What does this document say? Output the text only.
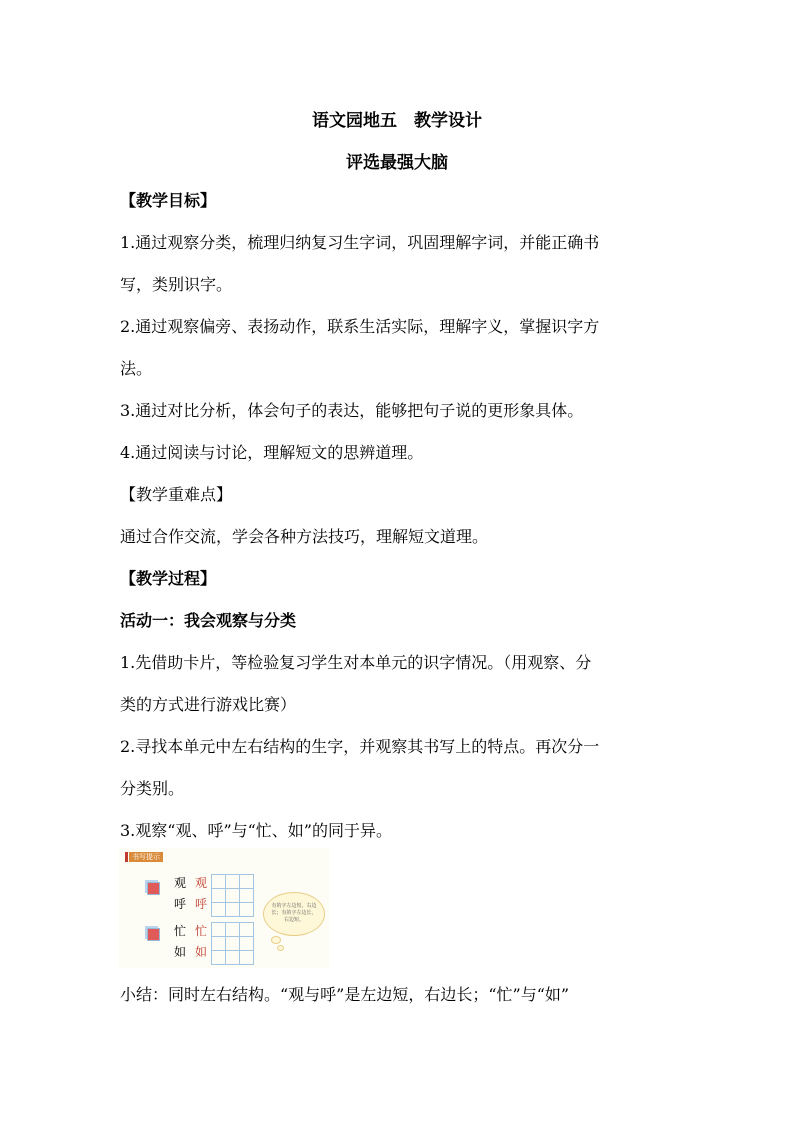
语文园地五　教学设计
评选最强大脑
【教学目标】
1.通过观察分类，梳理归纳复习生字词，巩固理解字词，并能正确书
写，类别识字。
2.通过观察偏旁、表扬动作，联系生活实际，理解字义，掌握识字方
法。
3.通过对比分析，体会句子的表达，能够把句子说的更形象具体。
4.通过阅读与讨论，理解短文的思辨道理。
【教学重难点】
通过合作交流，学会各种方法技巧，理解短文道理。
【教学过程】
活动一：我会观察与分类
1.先借助卡片，等检验复习学生对本单元的识字情况。（用观察、分
类的方式进行游戏比赛）
2.寻找本单元中左右结构的生字，并观察其书写上的特点。再次分一
分类别。
3.观察“观、呼”与“忙、如”的同于异。
书写提示
观 观
呼 呼
忙 忙
如 如
有的字左边短，右边长；有的字左边长，右边短。
小结：同时左右结构。“观与呼”是左边短，右边长；“忙”与“如”
